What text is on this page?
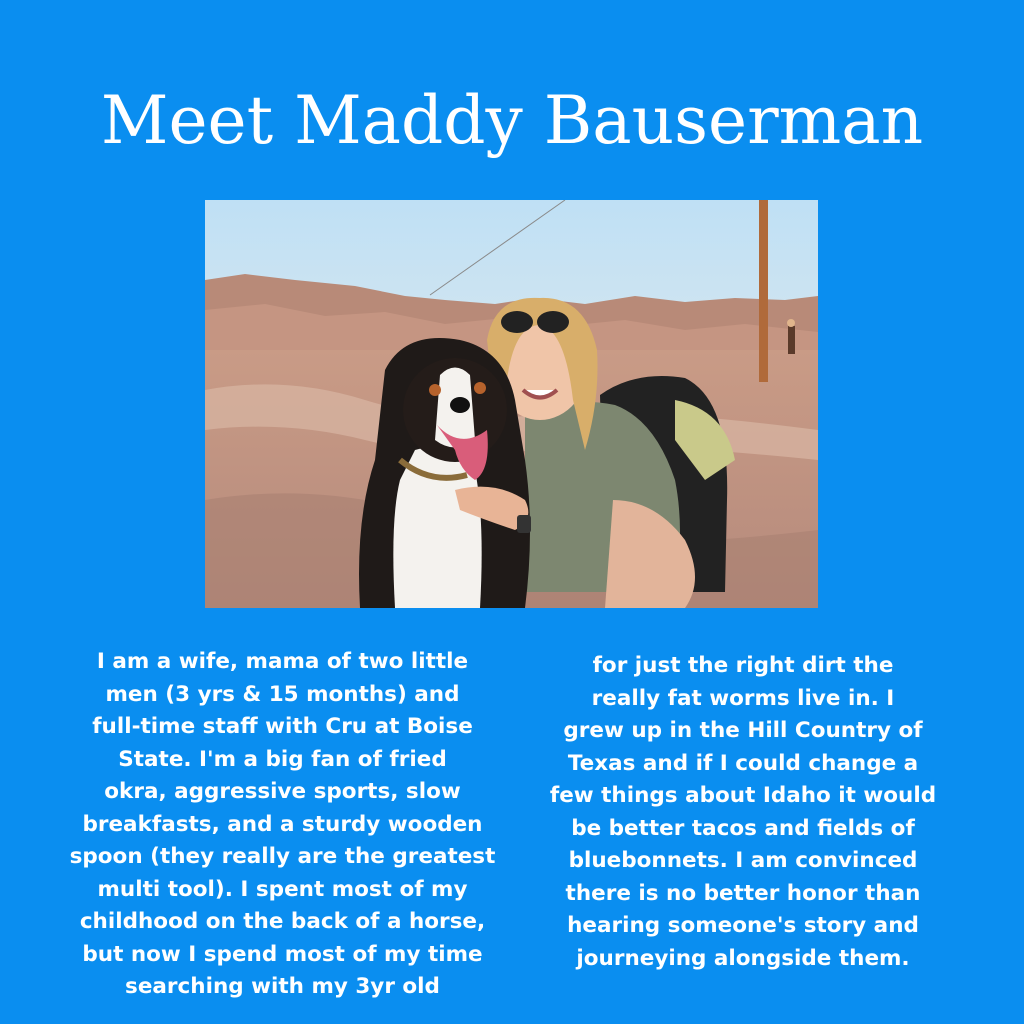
Meet Maddy Bauserman

I am a wife, mama of two little

men (3 yrs & 15 months) and

full-time staff with Cru at Boise

State. I'm a big fan of fried

okra, aggressive sports, slow

breakfasts, and a sturdy wooden

spoon (they really are the greatest

multi tool). I spent most of my

childhood on the back of a horse,

but now I spend most of my time

searching with my 3yr old

for just the right dirt the

really fat worms live in. I

grew up in the Hill Country of

Texas and if I could change a

few things about Idaho it would

be better tacos and fields of

bluebonnets. I am convinced

there is no better honor than

hearing someone's story and

journeying alongside them.
